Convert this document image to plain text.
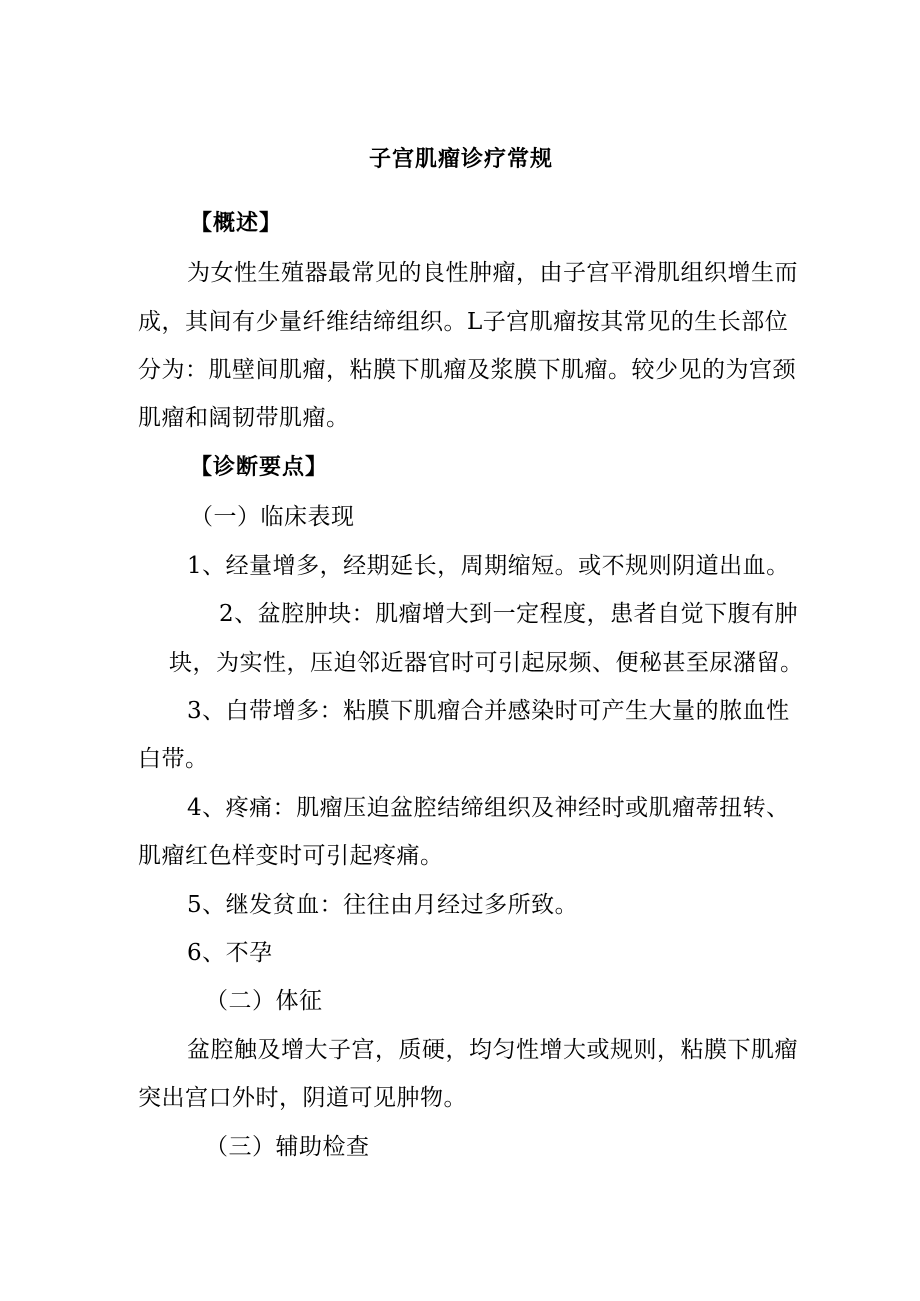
子宫肌瘤诊疗常规

【概述】

为女性生殖器最常见的良性肿瘤，由子宫平滑肌组织增生而

成，其间有少量纤维结缔组织。L子宫肌瘤按其常见的生长部位

分为：肌壁间肌瘤，粘膜下肌瘤及浆膜下肌瘤。较少见的为宫颈

肌瘤和阔韧带肌瘤。

【诊断要点】

（一）临床表现

1、经量增多，经期延长，周期缩短。或不规则阴道出血。

2、盆腔肿块：肌瘤增大到一定程度，患者自觉下腹有肿

块，为实性，压迫邻近器官时可引起尿频、便秘甚至尿潴留。

3、白带增多：粘膜下肌瘤合并感染时可产生大量的脓血性

白带。

4、疼痛：肌瘤压迫盆腔结缔组织及神经时或肌瘤蒂扭转、

肌瘤红色样变时可引起疼痛。

5、继发贫血：往往由月经过多所致。

6、不孕

（二）体征

盆腔触及增大子宫，质硬，均匀性增大或规则，粘膜下肌瘤

突出宫口外时，阴道可见肿物。

（三）辅助检查
